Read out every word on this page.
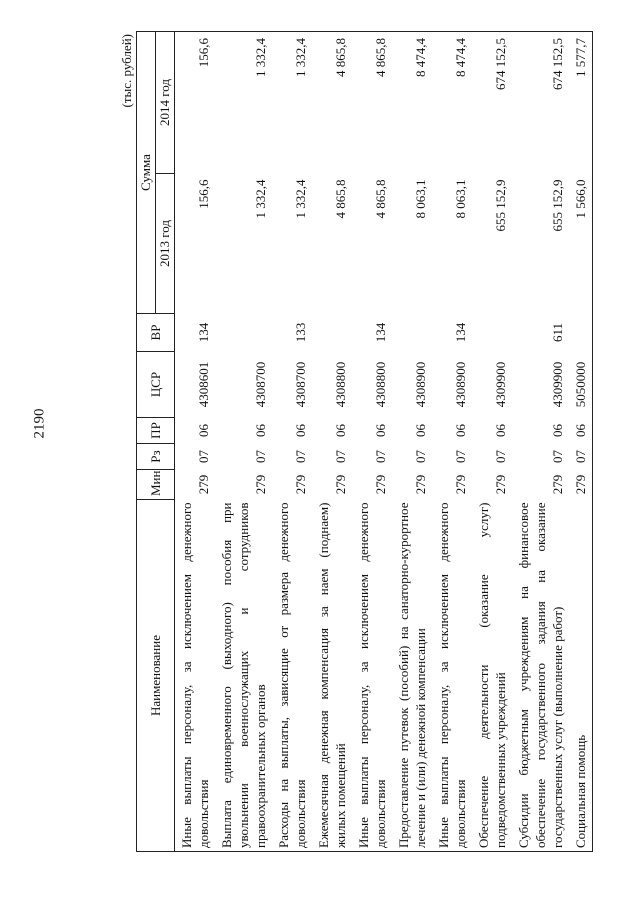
2190
(тыс. рублей)
Наименование	Мин	Рз	ПР	ЦСР	ВР	Сумма	
						2013 год	2014 год
Иные выплаты персоналу, за исключением денежного довольствия	279	07	06	4308601	134	156,6	156,6
Выплата единовременного (выходного) пособия при увольнении военнослужащих и сотрудников правоохранительных органов	279	07	06	4308700		1 332,4	1 332,4
Расходы на выплаты, зависящие от размера денежного довольствия	279	07	06	4308700	133	1 332,4	1 332,4
Ежемесячная денежная компенсация за наем (поднаем) жилых помещений	279	07	06	4308800		4 865,8	4 865,8
Иные выплаты персоналу, за исключением денежного довольствия	279	07	06	4308800	134	4 865,8	4 865,8
Предоставление путевок (пособий) на санаторно-курортное лечение и (или) денежной компенсации	279	07	06	4308900		8 063,1	8 474,4
Иные выплаты персоналу, за исключением денежного довольствия	279	07	06	4308900	134	8 063,1	8 474,4
Обеспечение деятельности (оказание услуг) подведомственных учреждений	279	07	06	4309900		655 152,9	674 152,5
Субсидии бюджетным учреждениям на финансовое обеспечение государственного задания на оказание государственных услуг (выполнение работ)	279	07	06	4309900	611	655 152,9	674 152,5
Социальная помощь	279	07	06	5050000		1 566,0	1 577,7
